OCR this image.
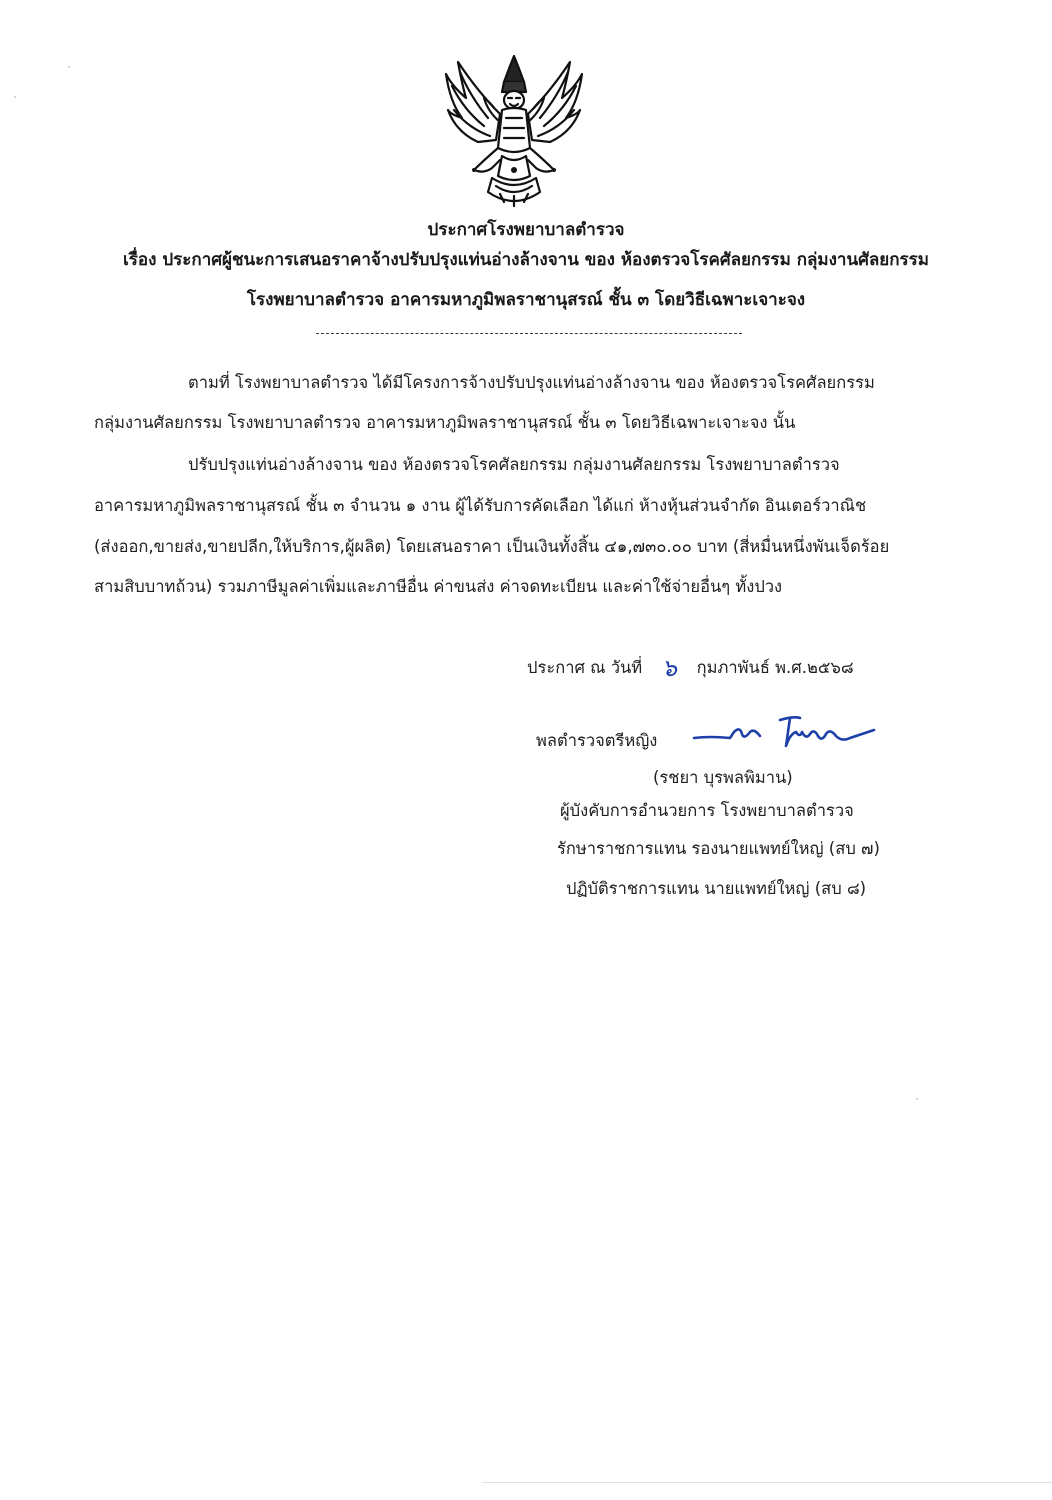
ประกาศโรงพยาบาลตำรวจ
เรื่อง ประกาศผู้ชนะการเสนอราคาจ้างปรับปรุงแท่นอ่างล้างจาน ของ ห้องตรวจโรคศัลยกรรม กลุ่มงานศัลยกรรม
โรงพยาบาลตำรวจ อาคารมหาภูมิพลราชานุสรณ์ ชั้น ๓ โดยวิธีเฉพาะเจาะจง
ตามที่ โรงพยาบาลตำรวจ ได้มีโครงการจ้างปรับปรุงแท่นอ่างล้างจาน ของ ห้องตรวจโรคศัลยกรรม
กลุ่มงานศัลยกรรม โรงพยาบาลตำรวจ อาคารมหาภูมิพลราชานุสรณ์ ชั้น ๓ โดยวิธีเฉพาะเจาะจง นั้น
ปรับปรุงแท่นอ่างล้างจาน ของ ห้องตรวจโรคศัลยกรรม กลุ่มงานศัลยกรรม โรงพยาบาลตำรวจ
อาคารมหาภูมิพลราชานุสรณ์ ชั้น ๓ จำนวน ๑ งาน ผู้ได้รับการคัดเลือก ได้แก่ ห้างหุ้นส่วนจำกัด อินเตอร์วาณิช
(ส่งออก,ขายส่ง,ขายปลีก,ให้บริการ,ผู้ผลิต) โดยเสนอราคา เป็นเงินทั้งสิ้น ๔๑,๗๓๐.๐๐ บาท (สี่หมื่นหนึ่งพันเจ็ดร้อย
สามสิบบาทถ้วน) รวมภาษีมูลค่าเพิ่มและภาษีอื่น ค่าขนส่ง ค่าจดทะเบียน และค่าใช้จ่ายอื่นๆ ทั้งปวง
ประกาศ ณ วันที่ ๖ กุมภาพันธ์ พ.ศ.๒๕๖๘
พลตำรวจตรีหญิง
(รชยา บุรพลพิมาน)
ผู้บังคับการอำนวยการ โรงพยาบาลตำรวจ
รักษาราชการแทน รองนายแพทย์ใหญ่ (สบ ๗)
ปฏิบัติราชการแทน นายแพทย์ใหญ่ (สบ ๘)
